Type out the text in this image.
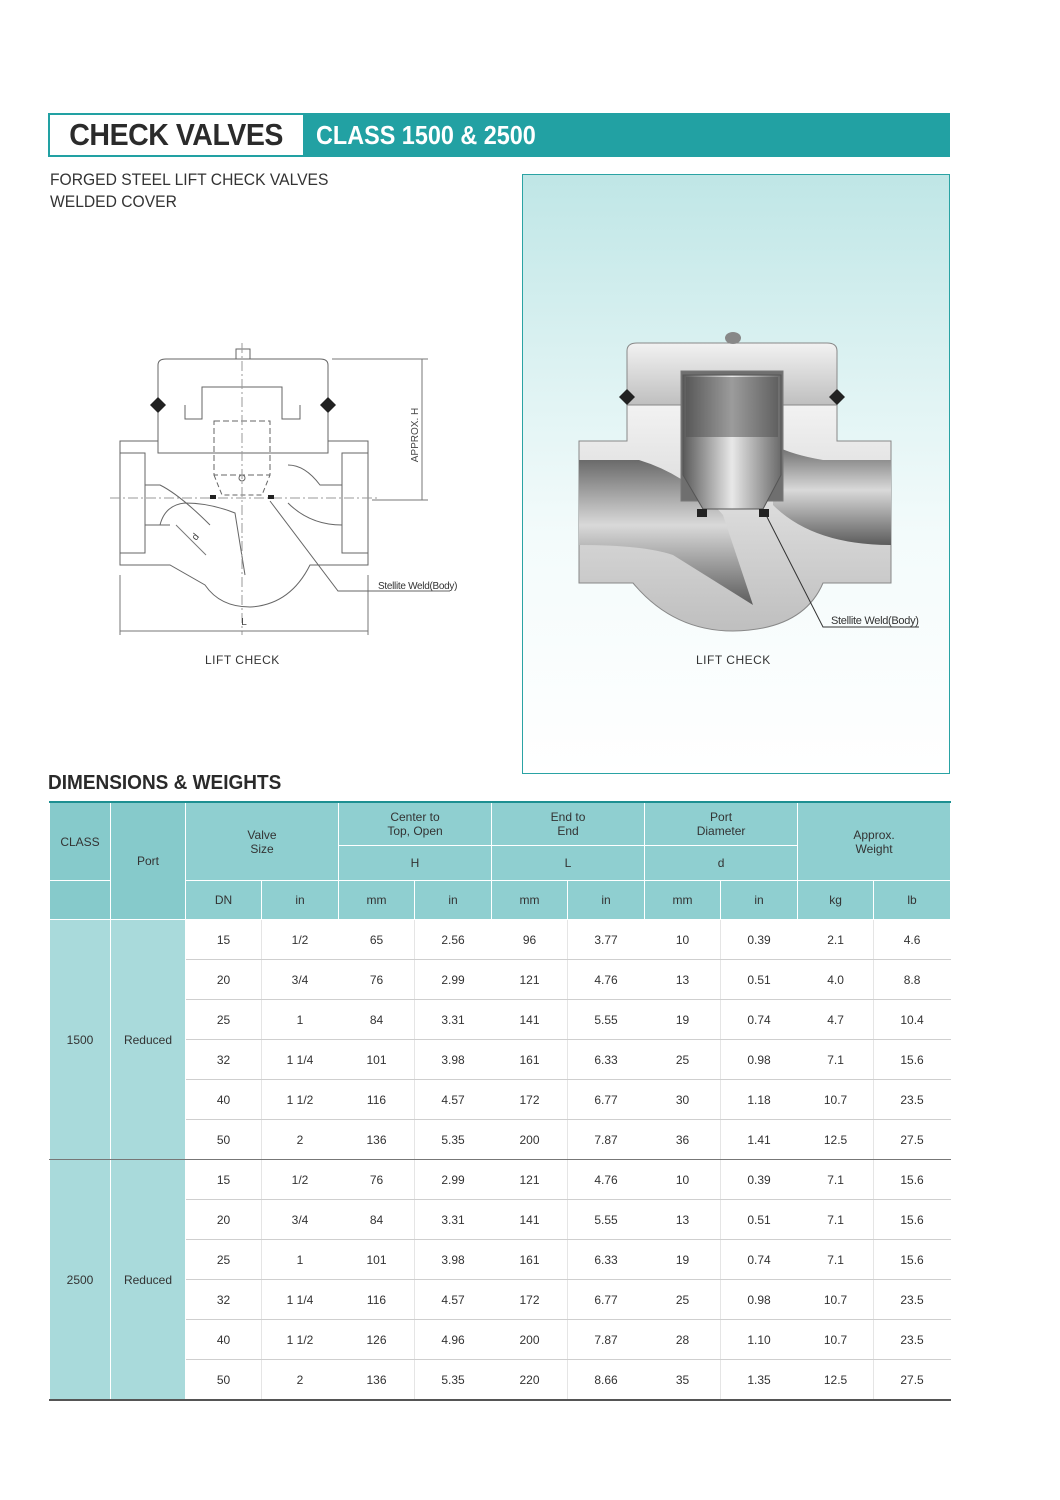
CHECK VALVES CLASS 1500 & 2500
FORGED STEEL LIFT CHECK VALVES
WELDED COVER
APPROX. H
d
L
Stellite Weld(Body)
LIFT CHECK
Stellite Weld(Body)
LIFT CHECK
DIMENSIONS & WEIGHTS
CLASS	Port	Valve Size		Center to Top, Open		End to End		Port Diameter		Approx. Weight	
				H		L		d			
		DN	in	mm	in	mm	in	mm	in	kg	lb
1500	Reduced	15	1/2	65	2.56	96	3.77	10	0.39	2.1	4.6
		20	3/4	76	2.99	121	4.76	13	0.51	4.0	8.8
		25	1	84	3.31	141	5.55	19	0.74	4.7	10.4
		32	1 1/4	101	3.98	161	6.33	25	0.98	7.1	15.6
		40	1 1/2	116	4.57	172	6.77	30	1.18	10.7	23.5
		50	2	136	5.35	200	7.87	36	1.41	12.5	27.5
2500	Reduced	15	1/2	76	2.99	121	4.76	10	0.39	7.1	15.6
		20	3/4	84	3.31	141	5.55	13	0.51	7.1	15.6
		25	1	101	3.98	161	6.33	19	0.74	7.1	15.6
		32	1 1/4	116	4.57	172	6.77	25	0.98	10.7	23.5
		40	1 1/2	126	4.96	200	7.87	28	1.10	10.7	23.5
		50	2	136	5.35	220	8.66	35	1.35	12.5	27.5
